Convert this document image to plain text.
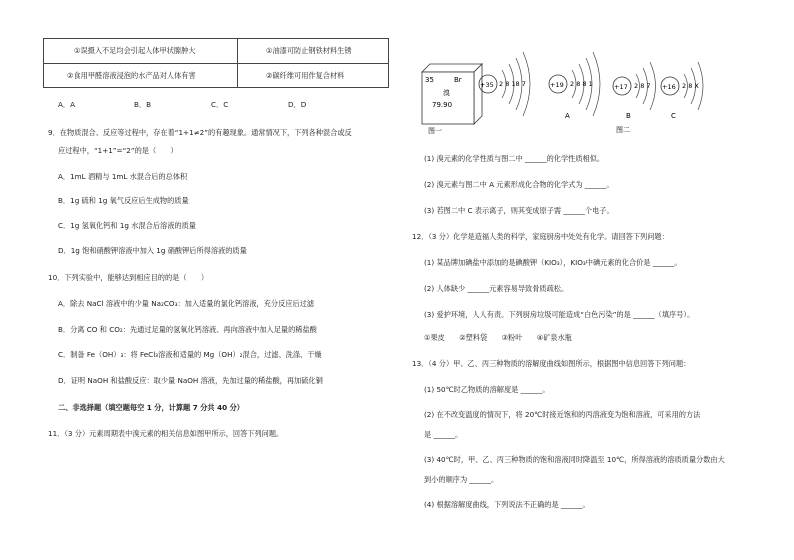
①误摄入不足均会引起人体甲状腺肿大	①油漆可防止钢铁材料生锈
②食用甲醛溶液浸泡的水产品对人体有害	②碳纤维可用作复合材料
A．A	B．B	C．C	D．D
9．在物质混合、反应等过程中，存在着“1+1≠2”的有趣现象。通常情况下，下列各种混合或反
应过程中，“1+1”=“2”的是（　　）
A．1mL 酒精与 1mL 水混合后的总体积
B．1g 硫和 1g 氧气反应后生成物的质量
C．1g 氢氧化钙和 1g 水混合后溶液的质量
D．1g 饱和硝酸钾溶液中加入 1g 硝酸钾后所得溶液的质量
10．下列实验中，能够达到相应目的的是（　　）
A．除去 NaCl 溶液中的少量 Na₂CO₃：加入适量的氯化钙溶液，充分反应后过滤
B．分离 CO 和 CO₂：先通过足量的氢氧化钙溶液、再向溶液中加入足量的稀盐酸
C．制备 Fe（OH）₃：将 FeCl₃溶液和适量的 Mg（OH）₂混合，过滤、洗涤、干燥
D．证明 NaOH 和盐酸反应：取少量 NaOH 溶液，先加过量的稀盐酸，再加硫化铜
二、非选择题（填空题每空 1 分，计算题 7 分共 40 分）
11．（3 分）元素周期表中溴元素的相关信息如图甲所示，回答下列问题。
35	Br
溴
79.90
+35 2 8 18 7	+19 2 8 8 1	+17 2 8 7 +16 2 8 X
A	B	C
图一	图二
(1) 溴元素的化学性质与图二中 ______的化学性质相似。
(2) 溴元素与图二中 A 元素形成化合物的化学式为 ______。
(3) 若图二中 C 表示离子，则其变成原子需 ______个电子。
12．（3 分）化学是造福人类的科学，家庭厨房中处处有化学。请回答下列问题：
(1) 某品牌加碘盐中添加的是碘酸钾（KIO₃），KIO₃中碘元素的化合价是 ______。
(2) 人体缺少 ______元素容易导致骨质疏松。
(3) 爱护环境，人人有责。下列厨房垃圾可能造成“白色污染”的是 ______（填序号）。
①果皮　　②塑料袋　　③粉叶　　④矿泉水瓶
13．（4 分）甲、乙、丙三种物质的溶解度曲线如图所示，根据图中信息回答下列问题：
(1) 50℃时乙物质的溶解度是 ______。
(2) 在不改变温度的情况下，将 20℃时接近饱和的丙溶液变为饱和溶液，可采用的方法
是 ______。
(3) 40℃时，甲、乙、丙三种物质的饱和溶液同时降温至 10℃，所得溶液的溶质质量分数由大
到小的顺序为 ______。
(4) 根据溶解度曲线，下列说法不正确的是 ______。
